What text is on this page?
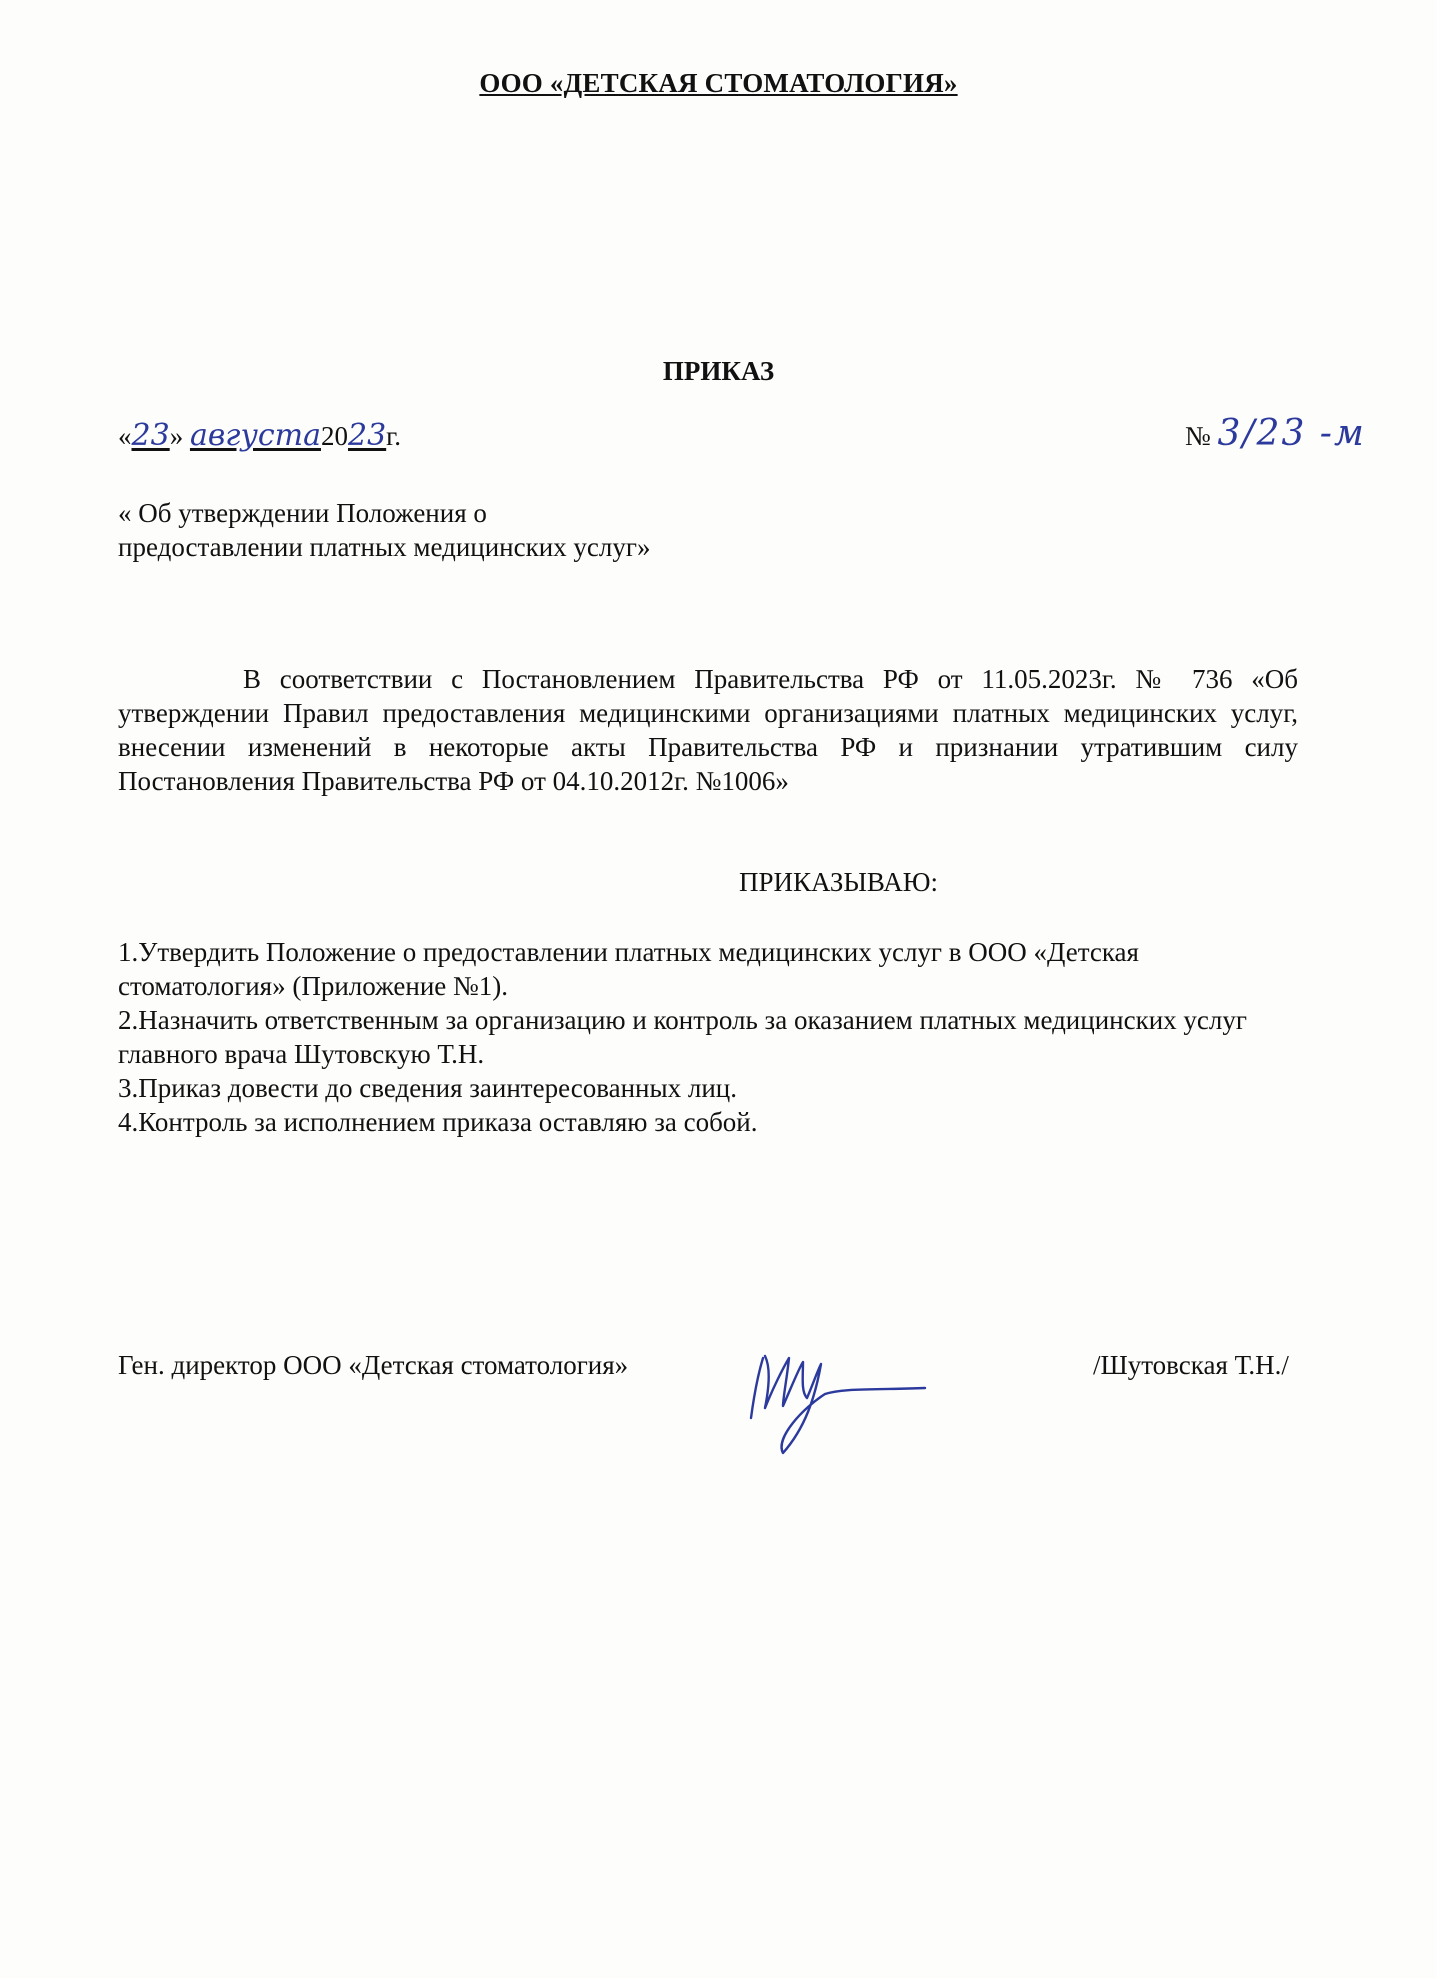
ООО «ДЕТСКАЯ СТОМАТОЛОГИЯ»
ПРИКАЗ
«23» августа2023г.	№ 3/23 -м
« Об утверждении Положения о
предоставлении платных медицинских услуг»
В соответствии с Постановлением Правительства РФ от 11.05.2023г. № 736 «Об утверждении Правил предоставления медицинскими организациями платных медицинских услуг, внесении изменений в некоторые акты Правительства РФ и признании утратившим силу Постановления Правительства РФ от 04.10.2012г. №1006»
ПРИКАЗЫВАЮ:
1.Утвердить Положение о предоставлении платных медицинских услуг в ООО «Детская стоматология» (Приложение №1).
2.Назначить ответственным за организацию и контроль за оказанием платных медицинских услуг главного врача Шутовскую Т.Н.
3.Приказ довести до сведения заинтересованных лиц.
4.Контроль за исполнением приказа оставляю за собой.
Ген. директор ООО «Детская стоматология»	/Шутовская Т.Н./
